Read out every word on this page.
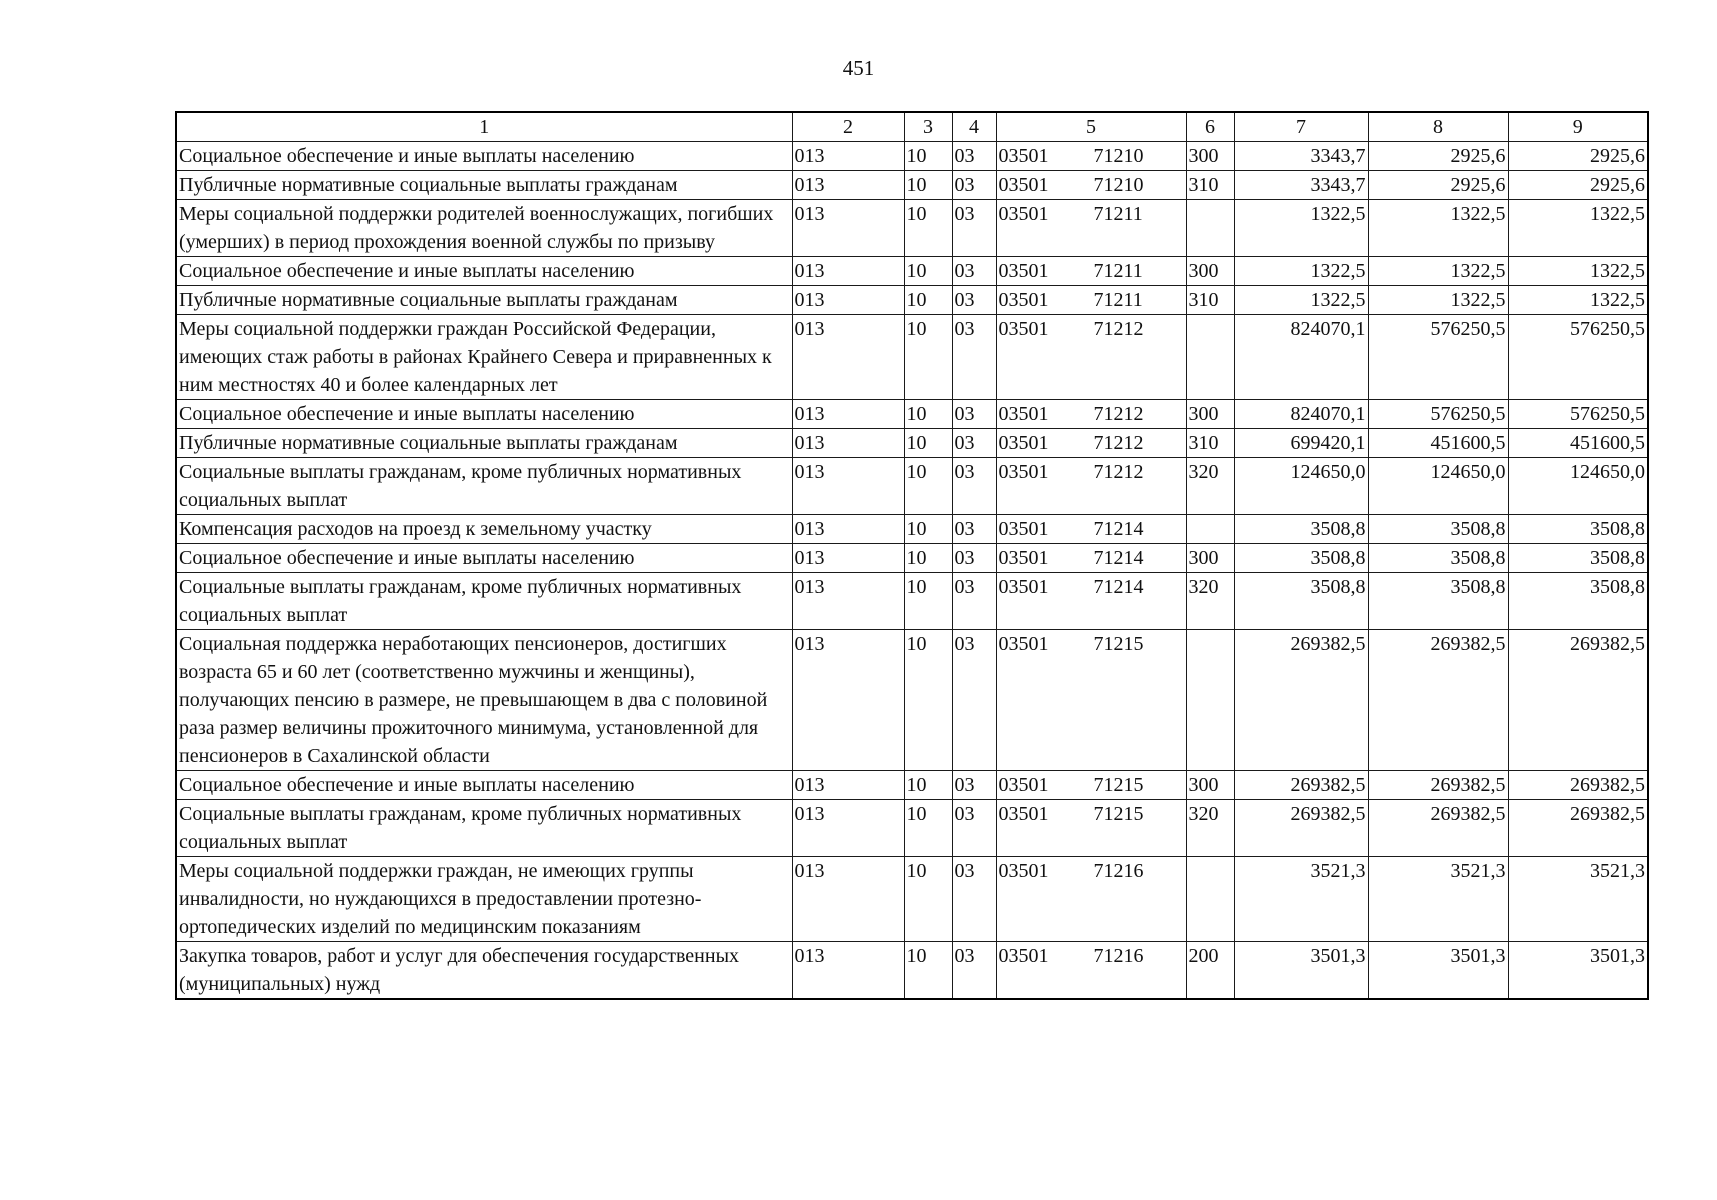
451
1	2	3	4	5	6	7	8	9
Социальное обеспечение и иные выплаты населению	013	10	03	03501 71210	300	3343,7	2925,6	2925,6
Публичные нормативные социальные выплаты гражданам	013	10	03	03501 71210	310	3343,7	2925,6	2925,6
Меры социальной поддержки родителей военнослужащих, погибших (умерших) в период прохождения военной службы по призыву	013	10	03	03501 71211		1322,5	1322,5	1322,5
Социальное обеспечение и иные выплаты населению	013	10	03	03501 71211	300	1322,5	1322,5	1322,5
Публичные нормативные социальные выплаты гражданам	013	10	03	03501 71211	310	1322,5	1322,5	1322,5
Меры социальной поддержки граждан Российской Федерации, имеющих стаж работы в районах Крайнего Севера и приравненных к ним местностях 40 и более календарных лет	013	10	03	03501 71212		824070,1	576250,5	576250,5
Социальное обеспечение и иные выплаты населению	013	10	03	03501 71212	300	824070,1	576250,5	576250,5
Публичные нормативные социальные выплаты гражданам	013	10	03	03501 71212	310	699420,1	451600,5	451600,5
Социальные выплаты гражданам, кроме публичных нормативных социальных выплат	013	10	03	03501 71212	320	124650,0	124650,0	124650,0
Компенсация расходов на проезд к земельному участку	013	10	03	03501 71214		3508,8	3508,8	3508,8
Социальное обеспечение и иные выплаты населению	013	10	03	03501 71214	300	3508,8	3508,8	3508,8
Социальные выплаты гражданам, кроме публичных нормативных социальных выплат	013	10	03	03501 71214	320	3508,8	3508,8	3508,8
Социальная поддержка неработающих пенсионеров, достигших возраста 65 и 60 лет (соответственно мужчины и женщины), получающих пенсию в размере, не превышающем в два с половиной раза размер величины прожиточного минимума, установленной для пенсионеров в Сахалинской области	013	10	03	03501 71215		269382,5	269382,5	269382,5
Социальное обеспечение и иные выплаты населению	013	10	03	03501 71215	300	269382,5	269382,5	269382,5
Социальные выплаты гражданам, кроме публичных нормативных социальных выплат	013	10	03	03501 71215	320	269382,5	269382,5	269382,5
Меры социальной поддержки граждан, не имеющих группы инвалидности, но нуждающихся в предоставлении протезно-ортопедических изделий по медицинским показаниям	013	10	03	03501 71216		3521,3	3521,3	3521,3
Закупка товаров, работ и услуг для обеспечения государственных (муниципальных) нужд	013	10	03	03501 71216	200	3501,3	3501,3	3501,3
